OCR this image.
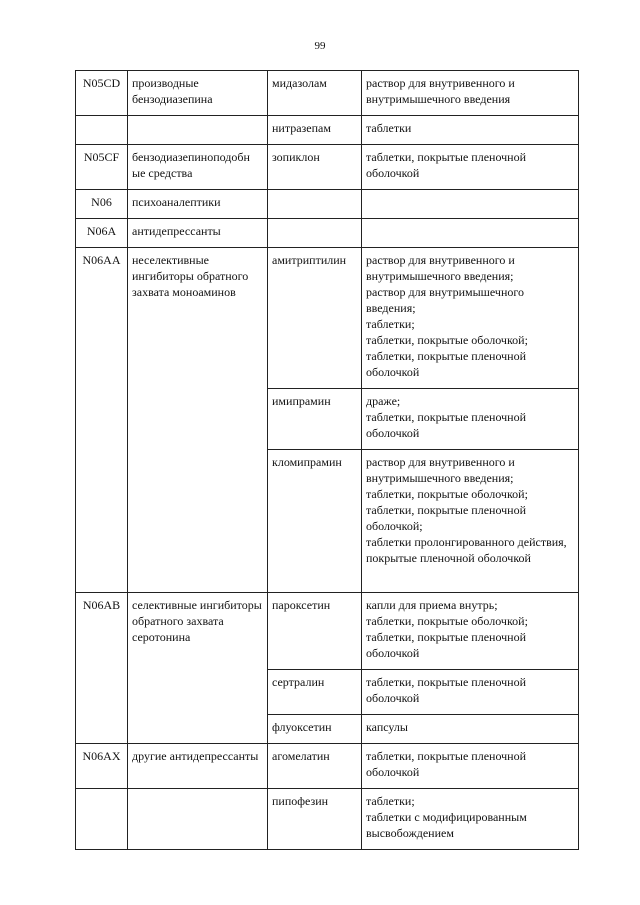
99
N05CD	производные бензодиазепина	мидазолам	раствор для внутривенного и внутримышечного введения

		нитразепам	таблетки

N05CF	бензодиазепиноподобн ые средства	зопиклон	таблетки, покрытые пленочной оболочкой

N06	психоаналептики		
N06A	антидепрессанты		
N06AA	неселективные ингибиторы обратного захвата моноаминов	амитриптилин	раствор для внутривенного и внутримышечного введения;
раствор для внутримышечного введения;
таблетки;
таблетки, покрытые оболочкой;
таблетки, покрытые пленочной оболочкой

		имипрамин	драже;
таблетки, покрытые пленочной оболочкой

		кломипрамин	раствор для внутривенного и внутримышечного введения;
таблетки, покрытые оболочкой;
таблетки, покрытые пленочной оболочкой;
таблетки пролонгированного действия, покрытые пленочной оболочкой

N06AB	селективные ингибиторы обратного захвата серотонина	пароксетин	капли для приема внутрь;
таблетки, покрытые оболочкой;
таблетки, покрытые пленочной оболочкой

		сертралин	таблетки, покрытые пленочной оболочкой

		флуоксетин	капсулы

N06AX	другие антидепрессанты	агомелатин	таблетки, покрытые пленочной оболочкой

		пипофезин	таблетки;
таблетки с модифицированным высвобождением
